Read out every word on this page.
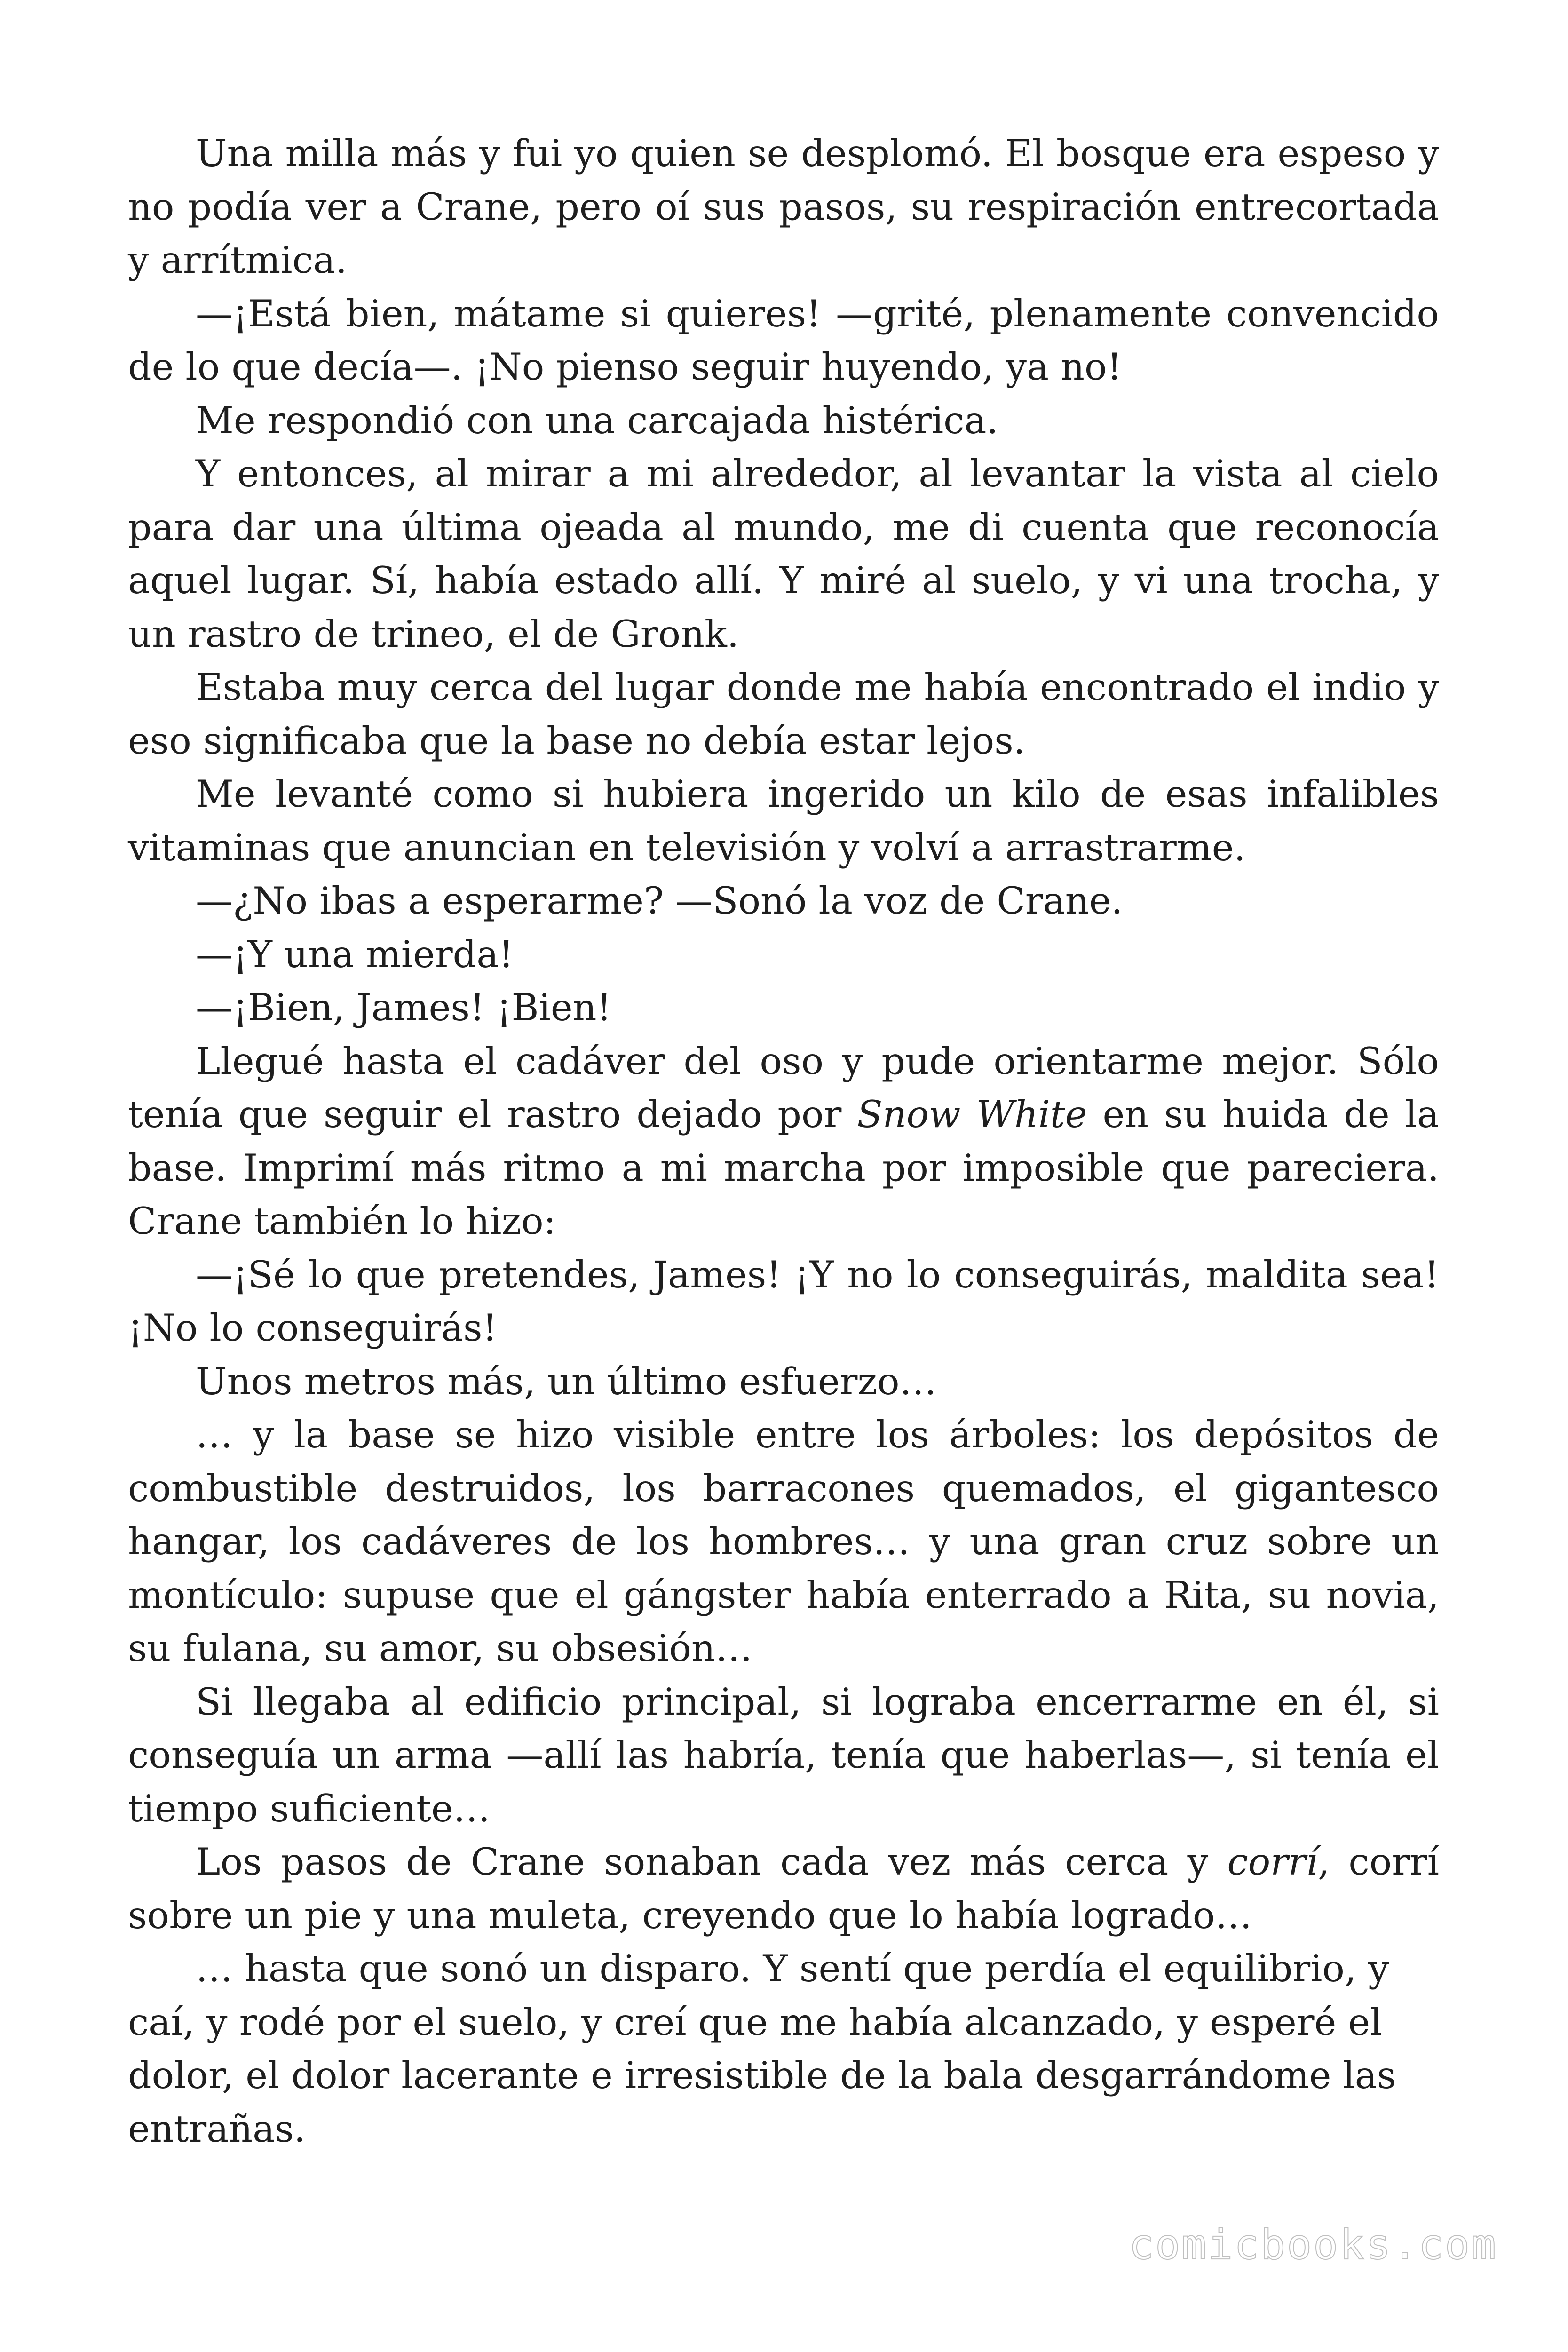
Una milla más y fui yo quien se desplomó. El bosque era espeso y no podía ver a Crane, pero oí sus pasos, su respiración entrecortada y arrítmica.

—¡Está bien, mátame si quieres! —grité, plenamente convencido de lo que decía—. ¡No pienso seguir huyendo, ya no!

Me respondió con una carcajada histérica.

Y entonces, al mirar a mi alrededor, al levantar la vista al cielo para dar una última ojeada al mundo, me di cuenta que reconocía aquel lugar. Sí, había estado allí. Y miré al suelo, y vi una trocha, y un rastro de trineo, el de Gronk.

Estaba muy cerca del lugar donde me había encontrado el indio y eso significaba que la base no debía estar lejos.

Me levanté como si hubiera ingerido un kilo de esas infalibles vitaminas que anuncian en televisión y volví a arrastrarme.

—¿No ibas a esperarme? —Sonó la voz de Crane.

—¡Y una mierda!

—¡Bien, James! ¡Bien!

Llegué hasta el cadáver del oso y pude orientarme mejor. Sólo tenía que seguir el rastro dejado por Snow White en su huida de la base. Imprimí más ritmo a mi marcha por imposible que pareciera. Crane también lo hizo:

—¡Sé lo que pretendes, James! ¡Y no lo conseguirás, maldita sea! ¡No lo conseguirás!

Unos metros más, un último esfuerzo…

… y la base se hizo visible entre los árboles: los depósitos de combustible destruidos, los barracones quemados, el gigantesco hangar, los cadáveres de los hombres… y una gran cruz sobre un montículo: supuse que el gángster había enterrado a Rita, su novia, su fulana, su amor, su obsesión…

Si llegaba al edificio principal, si lograba encerrarme en él, si conseguía un arma —allí las habría, tenía que haberlas—, si tenía el tiempo suficiente…

Los pasos de Crane sonaban cada vez más cerca y corrí, corrí sobre un pie y una muleta, creyendo que lo había logrado…

… hasta que sonó un disparo. Y sentí que perdía el equilibrio, y caí, y rodé por el suelo, y creí que me había alcanzado, y esperé el dolor, el dolor lacerante e irresistible de la bala desgarrándome las entrañas.

comicbooks.com
